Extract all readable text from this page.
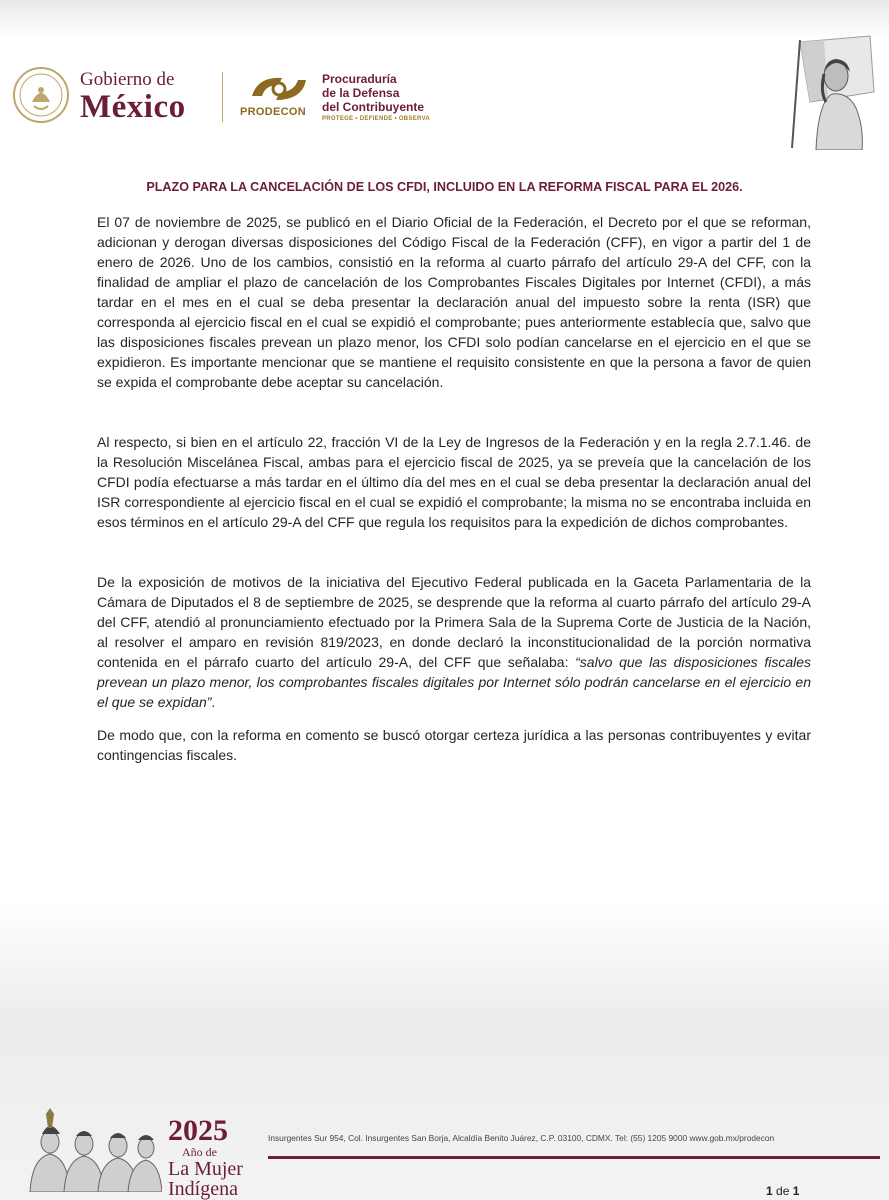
Gobierno de
México	PRODECON
Procuraduría
de la Defensa
del Contribuyente
PROTEGE • DEFIENDE • OBSERVA
PLAZO PARA LA CANCELACIÓN DE LOS CFDI, INCLUIDO EN LA REFORMA FISCAL PARA EL 2026.

El 07 de noviembre de 2025, se publicó en el Diario Oficial de la Federación, el Decreto por el que se reforman, adicionan y derogan diversas disposiciones del Código Fiscal de la Federación (CFF), en vigor a partir del 1 de enero de 2026. Uno de los cambios, consistió en la reforma al cuarto párrafo del artículo 29-A del CFF, con la finalidad de ampliar el plazo de cancelación de los Comprobantes Fiscales Digitales por Internet (CFDI), a más tardar en el mes en el cual se deba presentar la declaración anual del impuesto sobre la renta (ISR) que corresponda al ejercicio fiscal en el cual se expidió el comprobante; pues anteriormente establecía que, salvo que las disposiciones fiscales prevean un plazo menor, los CFDI solo podían cancelarse en el ejercicio en el que se expidieron. Es importante mencionar que se mantiene el requisito consistente en que la persona a favor de quien se expida el comprobante debe aceptar su cancelación.

Al respecto, si bien en el artículo 22, fracción VI de la Ley de Ingresos de la Federación y en la regla 2.7.1.46. de la Resolución Miscelánea Fiscal, ambas para el ejercicio fiscal de 2025, ya se preveía que la cancelación de los CFDI podía efectuarse a más tardar en el último día del mes en el cual se deba presentar la declaración anual del ISR correspondiente al ejercicio fiscal en el cual se expidió el comprobante; la misma no se encontraba incluida en esos términos en el artículo 29-A del CFF que regula los requisitos para la expedición de dichos comprobantes.

De la exposición de motivos de la iniciativa del Ejecutivo Federal publicada en la Gaceta Parlamentaria de la Cámara de Diputados el 8 de septiembre de 2025, se desprende que la reforma al cuarto párrafo del artículo 29-A del CFF, atendió al pronunciamiento efectuado por la Primera Sala de la Suprema Corte de Justicia de la Nación, al resolver el amparo en revisión 819/2023, en donde declaró la inconstitucionalidad de la porción normativa contenida en el párrafo cuarto del artículo 29-A, del CFF que señalaba: “salvo que las disposiciones fiscales prevean un plazo menor, los comprobantes fiscales digitales por Internet sólo podrán cancelarse en el ejercicio en el que se expidan”.

De modo que, con la reforma en comento se buscó otorgar certeza jurídica a las personas contribuyentes y evitar contingencias fiscales.

2025
Año de
La Mujer
Indígena
Insurgentes Sur 954, Col. Insurgentes San Borja, Alcaldía Benito Juárez, C.P. 03100, CDMX. Tel: (55) 1205 9000 www.gob.mx/prodecon
1 de 1
